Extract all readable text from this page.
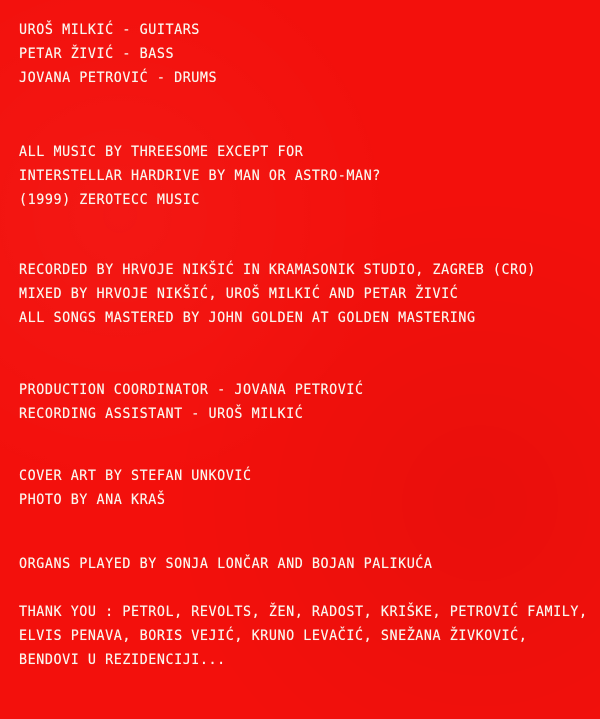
UROŠ MILKIĆ - GUITARS
PETAR ŽIVIĆ - BASS
JOVANA PETROVIĆ - DRUMS
ALL MUSIC BY THREESOME EXCEPT FOR
INTERSTELLAR HARDRIVE BY MAN OR ASTRO-MAN?
(1999) ZEROTECC MUSIC
RECORDED BY HRVOJE NIKŠIĆ IN KRAMASONIK STUDIO, ZAGREB (CRO)
MIXED BY HRVOJE NIKŠIĆ, UROŠ MILKIĆ AND PETAR ŽIVIĆ
ALL SONGS MASTERED BY JOHN GOLDEN AT GOLDEN MASTERING
PRODUCTION COORDINATOR - JOVANA PETROVIĆ
RECORDING ASSISTANT - UROŠ MILKIĆ
COVER ART BY STEFAN UNKOVIĆ
PHOTO BY ANA KRAŠ
ORGANS PLAYED BY SONJA LONČAR AND BOJAN PALIKUĆA
THANK YOU : PETROL, REVOLTS, ŽEN, RADOST, KRIŠKE, PETROVIĆ FAMILY,
ELVIS PENAVA, BORIS VEJIĆ, KRUNO LEVAČIĆ, SNEŽANA ŽIVKOVIĆ,
BENDOVI U REZIDENCIJI...
